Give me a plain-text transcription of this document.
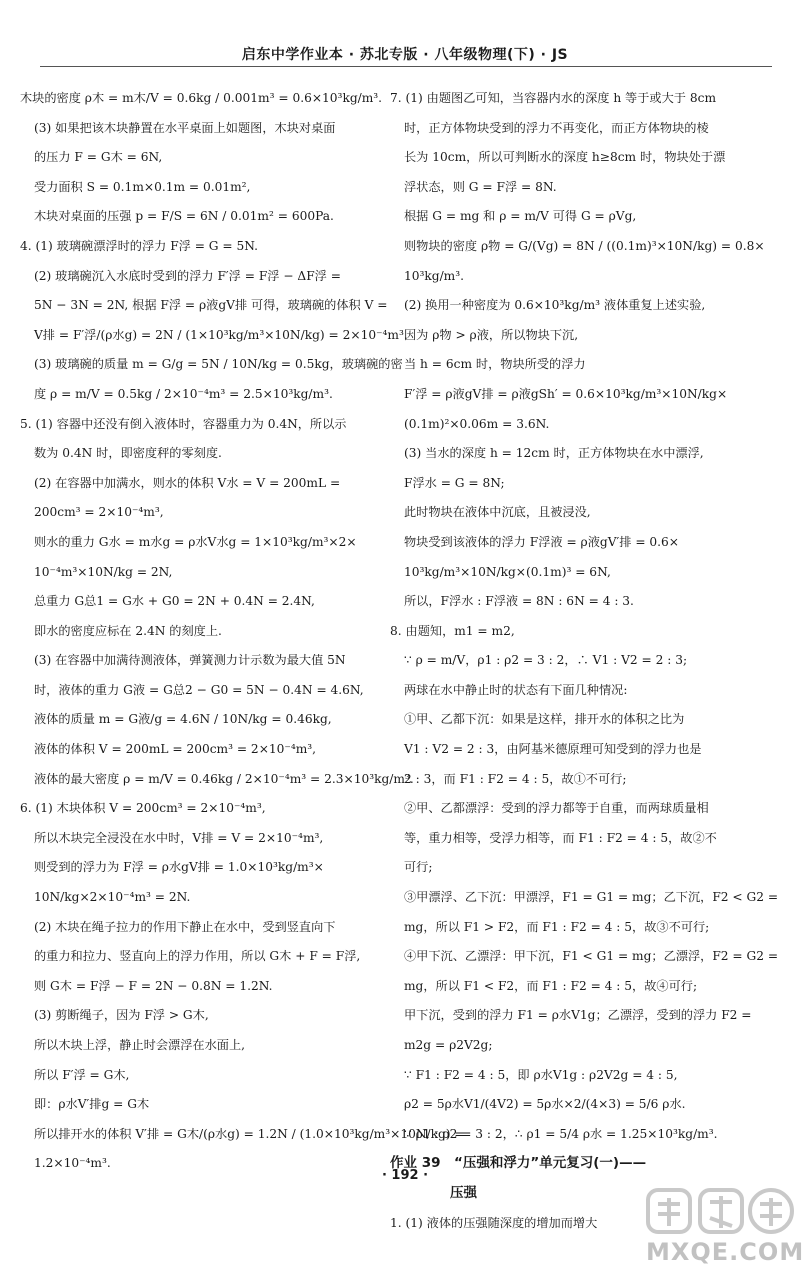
启东中学作业本 · 苏北专版 · 八年级物理(下) · JS
木块的密度 ρ木 = m木/V = 0.6kg / 0.001m³ = 0.6×10³kg/m³.
(3) 如果把该木块静置在水平桌面上如题图，木块对桌面
的压力 F = G木 = 6N,
受力面积 S = 0.1m×0.1m = 0.01m²,
木块对桌面的压强 p = F/S = 6N / 0.01m² = 600Pa.
4. (1) 玻璃碗漂浮时的浮力 F浮 = G = 5N.
(2) 玻璃碗沉入水底时受到的浮力 F′浮 = F浮 − ΔF浮 =
5N − 3N = 2N, 根据 F浮 = ρ液gV排 可得，玻璃碗的体积 V =
V排 = F′浮/(ρ水g) = 2N / (1×10³kg/m³×10N/kg) = 2×10⁻⁴m³.
(3) 玻璃碗的质量 m = G/g = 5N / 10N/kg = 0.5kg，玻璃碗的密
度 ρ = m/V = 0.5kg / 2×10⁻⁴m³ = 2.5×10³kg/m³.
5. (1) 容器中还没有倒入液体时，容器重力为 0.4N，所以示
数为 0.4N 时，即密度秤的零刻度.
(2) 在容器中加满水，则水的体积 V水 = V = 200mL =
200cm³ = 2×10⁻⁴m³,
则水的重力 G水 = m水g = ρ水V水g = 1×10³kg/m³×2×
10⁻⁴m³×10N/kg = 2N,
总重力 G总1 = G水 + G0 = 2N + 0.4N = 2.4N,
即水的密度应标在 2.4N 的刻度上.
(3) 在容器中加满待测液体，弹簧测力计示数为最大值 5N
时，液体的重力 G液 = G总2 − G0 = 5N − 0.4N = 4.6N,
液体的质量 m = G液/g = 4.6N / 10N/kg = 0.46kg,
液体的体积 V = 200mL = 200cm³ = 2×10⁻⁴m³,
液体的最大密度 ρ = m/V = 0.46kg / 2×10⁻⁴m³ = 2.3×10³kg/m³.
6. (1) 木块体积 V = 200cm³ = 2×10⁻⁴m³,
所以木块完全浸没在水中时，V排 = V = 2×10⁻⁴m³,
则受到的浮力为 F浮 = ρ水gV排 = 1.0×10³kg/m³×
10N/kg×2×10⁻⁴m³ = 2N.
(2) 木块在绳子拉力的作用下静止在水中，受到竖直向下
的重力和拉力、竖直向上的浮力作用，所以 G木 + F = F浮,
则 G木 = F浮 − F = 2N − 0.8N = 1.2N.
(3) 剪断绳子，因为 F浮 > G木,
所以木块上浮，静止时会漂浮在水面上,
所以 F′浮 = G木,
即：ρ水V′排g = G木
所以排开水的体积 V′排 = G木/(ρ水g) = 1.2N / (1.0×10³kg/m³×10N/kg) =
1.2×10⁻⁴m³.
7. (1) 由题图乙可知，当容器内水的深度 h 等于或大于 8cm
时，正方体物块受到的浮力不再变化，而正方体物块的棱
长为 10cm，所以可判断水的深度 h≥8cm 时，物块处于漂
浮状态，则 G = F浮 = 8N.
根据 G = mg 和 ρ = m/V 可得 G = ρVg,
则物块的密度 ρ物 = G/(Vg) = 8N / ((0.1m)³×10N/kg) = 0.8×
10³kg/m³.
(2) 换用一种密度为 0.6×10³kg/m³ 液体重复上述实验,
因为 ρ物 > ρ液，所以物块下沉,
当 h = 6cm 时，物块所受的浮力
F′浮 = ρ液gV排 = ρ液gSh′ = 0.6×10³kg/m³×10N/kg×
(0.1m)²×0.06m = 3.6N.
(3) 当水的深度 h = 12cm 时，正方体物块在水中漂浮,
F浮水 = G = 8N;
此时物块在液体中沉底，且被浸没,
物块受到该液体的浮力 F浮液 = ρ液gV′排 = 0.6×
10³kg/m³×10N/kg×(0.1m)³ = 6N,
所以，F浮水 : F浮液 = 8N : 6N = 4 : 3.
8. 由题知，m1 = m2,
∵ ρ = m/V，ρ1 : ρ2 = 3 : 2，∴ V1 : V2 = 2 : 3;
两球在水中静止时的状态有下面几种情况:
①甲、乙都下沉：如果是这样，排开水的体积之比为
V1 : V2 = 2 : 3，由阿基米德原理可知受到的浮力也是
2 : 3，而 F1 : F2 = 4 : 5，故①不可行;
②甲、乙都漂浮：受到的浮力都等于自重，而两球质量相
等，重力相等，受浮力相等，而 F1 : F2 = 4 : 5，故②不
可行;
③甲漂浮、乙下沉：甲漂浮，F1 = G1 = mg；乙下沉，F2 < G2 =
mg，所以 F1 > F2，而 F1 : F2 = 4 : 5，故③不可行;
④甲下沉、乙漂浮：甲下沉，F1 < G1 = mg；乙漂浮，F2 = G2 =
mg，所以 F1 < F2，而 F1 : F2 = 4 : 5，故④可行;
甲下沉，受到的浮力 F1 = ρ水V1g；乙漂浮，受到的浮力 F2 =
m2g = ρ2V2g;
∵ F1 : F2 = 4 : 5，即 ρ水V1g : ρ2V2g = 4 : 5,
ρ2 = 5ρ水V1/(4V2) = 5ρ水×2/(4×3) = 5/6 ρ水.
∵ ρ1 : ρ2 = 3 : 2，∴ ρ1 = 5/4 ρ水 = 1.25×10³kg/m³.
作业 39　“压强和浮力”单元复习(一)——
压强
1. (1) 液体的压强随深度的增加而增大
· 192 ·
MXQE.COM
